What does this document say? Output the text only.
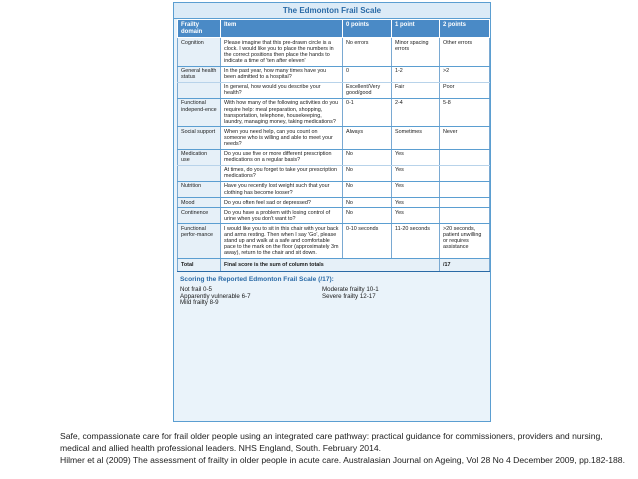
The Edmonton Frail Scale
Frailty domain	Item	0 points	1 point	2 points
Cognition	Please imagine that this pre-drawn circle is a clock. I would like you to place the numbers in the correct positions then place the hands to indicate a time of 'ten after eleven'	No errors	Minor spacing errors	Other errors
General health status	In the past year, how many times have you been admitted to a hospital?	0	1-2	>2
	In general, how would you describe your health?	Excellent/Very good/good	Fair	Poor
Functional independ-ence	With how many of the following activities do you require help: meal preparation, shopping, transportation, telephone, housekeeping, laundry, managing money, taking medications?	0-1	2-4	5-8
Social support	When you need help, can you count on someone who is willing and able to meet your needs?	Always	Sometimes	Never
Medication use	Do you use five or more different prescription medications on a regular basis?	No	Yes	
	At times, do you forget to take your prescription medications?	No	Yes	
Nutrition	Have you recently lost weight such that your clothing has become looser?	No	Yes	
Mood	Do you often feel sad or depressed?	No	Yes	
Continence	Do you have a problem with losing control of urine when you don't want to?	No	Yes	
Functional perfor-mance	I would like you to sit in this chair with your back and arms resting. Then when I say 'Go', please stand up and walk at a safe and comfortable pace to the mark on the floor (approximately 3m away), return to the chair and sit down.	0-10 seconds	11-20 seconds	>20 seconds, patient unwilling or requires assistance
Total	Final score is the sum of column totals			/17
Scoring the Reported Edmonton Frail Scale (/17):
Not frail 0-5
Apparently vulnerable 6-7
Mild frailty 8-9
Moderate frailty 10-1
Severe frailty 12-17

Safe, compassionate care for frail older people using an integrated care pathway: practical guidance for commissioners, providers and nursing, medical and allied health professional leaders. NHS England, South. February 2014.

Hilmer et al (2009) The assessment of frailty in older people in acute care. Australasian Journal on Ageing, Vol 28 No 4 December 2009, pp.182-188.
